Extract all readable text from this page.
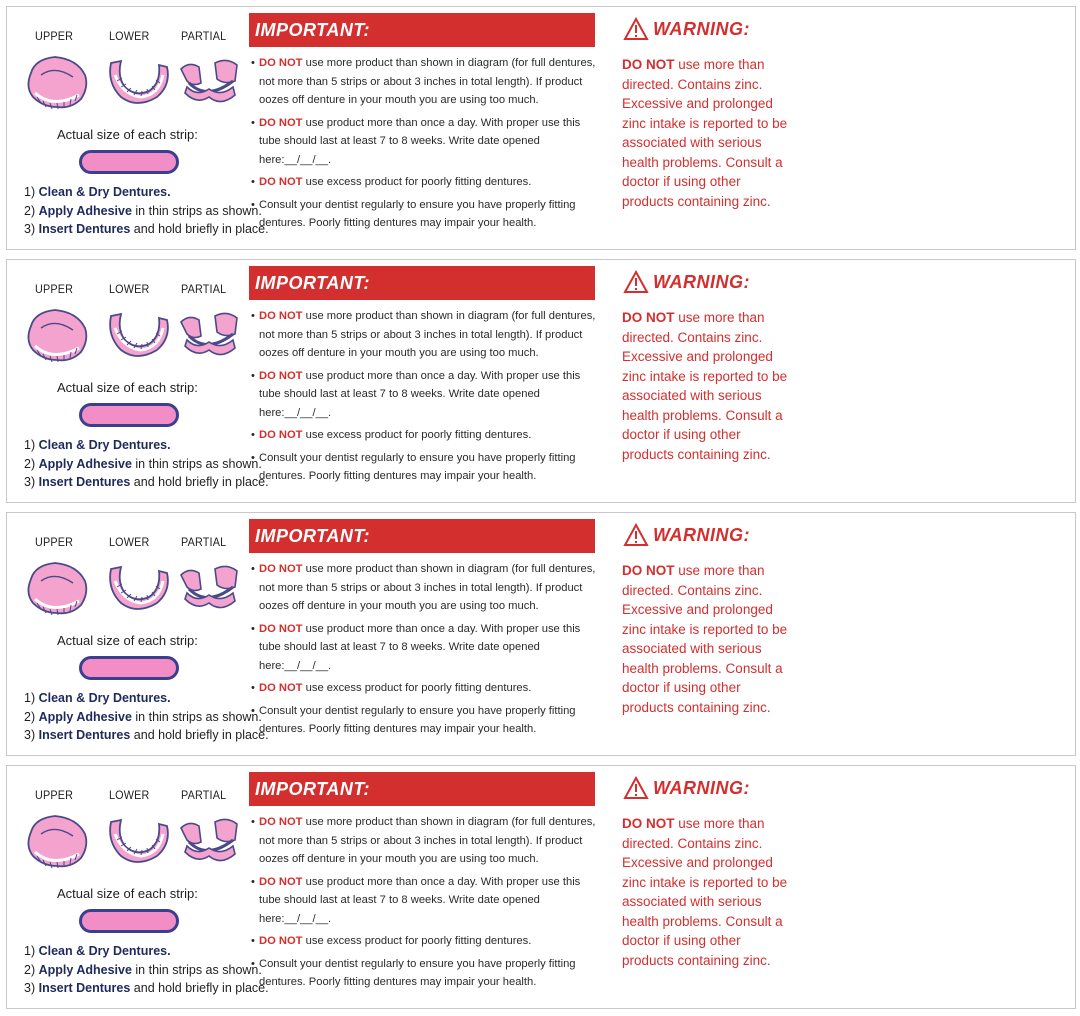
UPPER	LOWER	PARTIAL
Actual size of each strip:
1) Clean & Dry Dentures.
2) Apply Adhesive in thin strips as shown.
3) Insert Dentures and hold briefly in place.
IMPORTANT:
• DO NOT use more product than shown in diagram (for full dentures, not more than 5 strips or about 3 inches in total length). If product oozes off denture in your mouth you are using too much.
• DO NOT use product more than once a day. With proper use this tube should last at least 7 to 8 weeks. Write date opened here:__/__/__.
• DO NOT use excess product for poorly fitting dentures.
• Consult your dentist regularly to ensure you have properly fitting dentures. Poorly fitting dentures may impair your health.
WARNING:
DO NOT use more than directed. Contains zinc. Excessive and prolonged zinc intake is reported to be associated with serious health problems. Consult a doctor if using other products containing zinc.
UPPER	LOWER	PARTIAL
Actual size of each strip:
1) Clean & Dry Dentures.
2) Apply Adhesive in thin strips as shown.
3) Insert Dentures and hold briefly in place.
IMPORTANT:
• DO NOT use more product than shown in diagram (for full dentures, not more than 5 strips or about 3 inches in total length). If product oozes off denture in your mouth you are using too much.
• DO NOT use product more than once a day. With proper use this tube should last at least 7 to 8 weeks. Write date opened here:__/__/__.
• DO NOT use excess product for poorly fitting dentures.
• Consult your dentist regularly to ensure you have properly fitting dentures. Poorly fitting dentures may impair your health.
WARNING:
DO NOT use more than directed. Contains zinc. Excessive and prolonged zinc intake is reported to be associated with serious health problems. Consult a doctor if using other products containing zinc.
UPPER	LOWER	PARTIAL
Actual size of each strip:
1) Clean & Dry Dentures.
2) Apply Adhesive in thin strips as shown.
3) Insert Dentures and hold briefly in place.
IMPORTANT:
• DO NOT use more product than shown in diagram (for full dentures, not more than 5 strips or about 3 inches in total length). If product oozes off denture in your mouth you are using too much.
• DO NOT use product more than once a day. With proper use this tube should last at least 7 to 8 weeks. Write date opened here:__/__/__.
• DO NOT use excess product for poorly fitting dentures.
• Consult your dentist regularly to ensure you have properly fitting dentures. Poorly fitting dentures may impair your health.
WARNING:
DO NOT use more than directed. Contains zinc. Excessive and prolonged zinc intake is reported to be associated with serious health problems. Consult a doctor if using other products containing zinc.
UPPER	LOWER	PARTIAL
Actual size of each strip:
1) Clean & Dry Dentures.
2) Apply Adhesive in thin strips as shown.
3) Insert Dentures and hold briefly in place.
IMPORTANT:
• DO NOT use more product than shown in diagram (for full dentures, not more than 5 strips or about 3 inches in total length). If product oozes off denture in your mouth you are using too much.
• DO NOT use product more than once a day. With proper use this tube should last at least 7 to 8 weeks. Write date opened here:__/__/__.
• DO NOT use excess product for poorly fitting dentures.
• Consult your dentist regularly to ensure you have properly fitting dentures. Poorly fitting dentures may impair your health.
WARNING:
DO NOT use more than directed. Contains zinc. Excessive and prolonged zinc intake is reported to be associated with serious health problems. Consult a doctor if using other products containing zinc.
